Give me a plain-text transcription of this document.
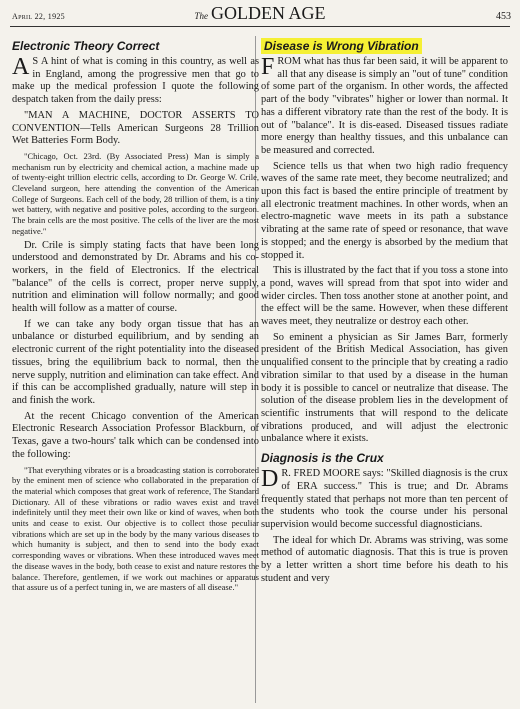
April 22, 1925	The GOLDEN AGE	453
Electronic Theory Correct

A S A hint of what is coming in this country, as well as in England, among the progressive men that go to make up the medical profession I quote the following despatch taken from the daily press:

"MAN A MACHINE, DOCTOR ASSERTS TO CONVENTION—Tells American Surgeons 28 Trillion Wet Batteries Form Body.

"Chicago, Oct. 23rd. (By Associated Press) Man is simply a mechanism run by electricity and chemical action, a machine made up of twenty-eight trillion electric cells, according to Dr. George W. Crile, Cleveland surgeon, here attending the convention of the American College of Surgeons. Each cell of the body, 28 trillion of them, is a tiny wet battery, with negative and positive poles, according to the surgeon. The brain cells are the most positive. The cells of the liver are the most negative."

Dr. Crile is simply stating facts that have been long understood and demonstrated by Dr. Abrams and his co-workers, in the field of Electronics. If the electrical "balance" of the cells is correct, proper nerve supply, nutrition and elimination will follow normally; and good health will follow as a matter of course.

If we can take any body organ tissue that has an unbalance or disturbed equilibrium, and by sending an electronic current of the right potentiality into the diseased tissues, bring the equilibrium back to normal, then the nerve supply, nutrition and elimination can take effect. And if this can be accomplished gradually, nature will step in and finish the work.

At the recent Chicago convention of the American Electronic Research Association Professor Blackburn, of Texas, gave a two-hours' talk which can be condensed into the following:

"That everything vibrates or is a broadcasting station is corroborated by the eminent men of science who collaborated in the preparation of the material which composes that great work of reference, The Standard Dictionary. All of these vibrations or radio waves exist and travel indefinitely until they meet their own like or kind of waves, when both units and cease to exist. Our objective is to collect those peculiar vibrations which are set up in the body by the many various diseases to which humanity is subject, and then to send into the body exact corresponding waves or vibrations. When these introduced waves meet the disease waves in the body, both cease to exist and nature restores the balance. Therefore, gentlemen, if we work out machines or apparatus that assure us of a perfect tuning in, we are masters of all disease."

Disease is Wrong Vibration

FROM what has thus far been said, it will be apparent to all that any disease is simply an "out of tune" condition of some part of the organism. In other words, the affected part of the body "vibrates" higher or lower than normal. It has a different vibratory rate than the rest of the body. It is out of "balance". It is dis-eased. Diseased tissues radiate more energy than healthy tissues, and this unbalance can be measured and corrected.

Science tells us that when two high radio frequency waves of the same rate meet, they become neutralized; and upon this fact is based the entire principle of treatment by all electronic treatment machines. In other words, when an electro-magnetic wave meets in its path a substance vibrating at the same rate of speed or resonance, that wave is stopped; and the energy is absorbed by the medium that stopped it.

This is illustrated by the fact that if you toss a stone into a pond, waves will spread from that spot into wider and wider circles. Then toss another stone at another point, and the effect will be the same. However, when these different waves meet, they neutralize or destroy each other.

So eminent a physician as Sir James Barr, formerly president of the British Medical Association, has given unqualified consent to the principle that by creating a radio vibration similar to that used by a disease in the human body it is possible to cancel or neutralize that disease. The solution of the disease problem lies in the development of scientific instruments that will respond to the delicate vibrations produced, and will adjust the electronic unbalance where it exists.

Diagnosis is the Crux

D R. FRED MOORE says: "Skilled diagnosis is the crux of ERA success." This is true; and Dr. Abrams frequently stated that perhaps not more than ten percent of the students who took the course under his personal supervision would become successful diagnosticians.

The ideal for which Dr. Abrams was striving, was some method of automatic diagnosis. That this is true is proven by a letter written a short time before his death to his student and very
